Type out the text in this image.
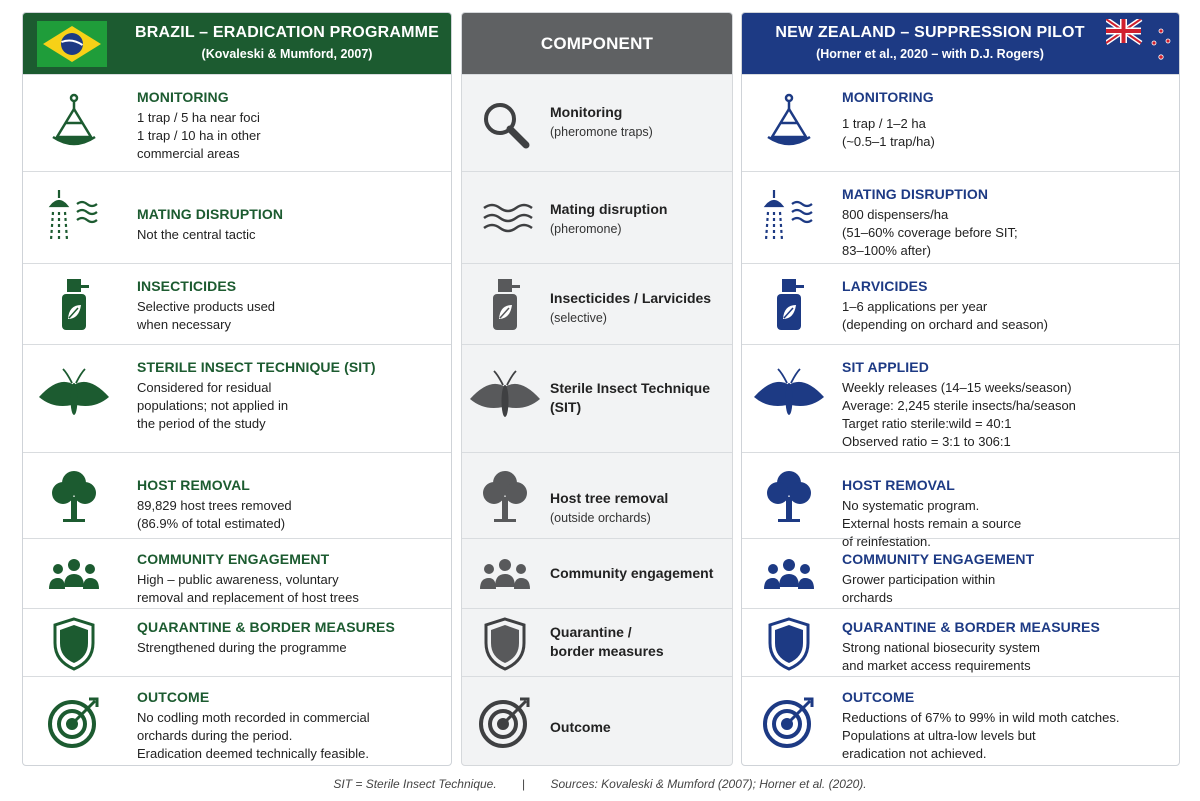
BRAZIL – ERADICATION PROGRAMME
(Kovaleski & Mumford, 2007)
MONITORING
1 trap / 5 ha near foci
1 trap / 10 ha in other
commercial areas
MATING DISRUPTION
Not the central tactic
INSECTICIDES
Selective products used
when necessary
STERILE INSECT TECHNIQUE (SIT)
Considered for residual
populations; not applied in
the period of the study
HOST REMOVAL
89,829 host trees removed
(86.9% of total estimated)
COMMUNITY ENGAGEMENT
High – public awareness, voluntary
removal and replacement of host trees
QUARANTINE & BORDER MEASURES
Strengthened during the programme
OUTCOME
No codling moth recorded in commercial
orchards during the period.
Eradication deemed technically feasible.
COMPONENT
Monitoring
(pheromone traps)
Mating disruption
(pheromone)
Insecticides / Larvicides
(selective)
Sterile Insect Technique
(SIT)
Host tree removal
(outside orchards)
Community engagement
Quarantine /
border measures
Outcome
NEW ZEALAND – SUPPRESSION PILOT
(Horner et al., 2020 – with D.J. Rogers)
MONITORING
1 trap / 1–2 ha
(~0.5–1 trap/ha)
MATING DISRUPTION
800 dispensers/ha
(51–60% coverage before SIT;
83–100% after)
LARVICIDES
1–6 applications per year
(depending on orchard and season)
SIT APPLIED
Weekly releases (14–15 weeks/season)
Average: 2,245 sterile insects/ha/season
Target ratio sterile:wild = 40:1
Observed ratio = 3:1 to 306:1
HOST REMOVAL
No systematic program.
External hosts remain a source
of reinfestation.
COMMUNITY ENGAGEMENT
Grower participation within
orchards
QUARANTINE & BORDER MEASURES
Strong national biosecurity system
and market access requirements
OUTCOME
Reductions of 67% to 99% in wild moth catches.
Populations at ultra-low levels but
eradication not achieved.
SIT = Sterile Insect Technique. | Sources: Kovaleski & Mumford (2007); Horner et al. (2020).
